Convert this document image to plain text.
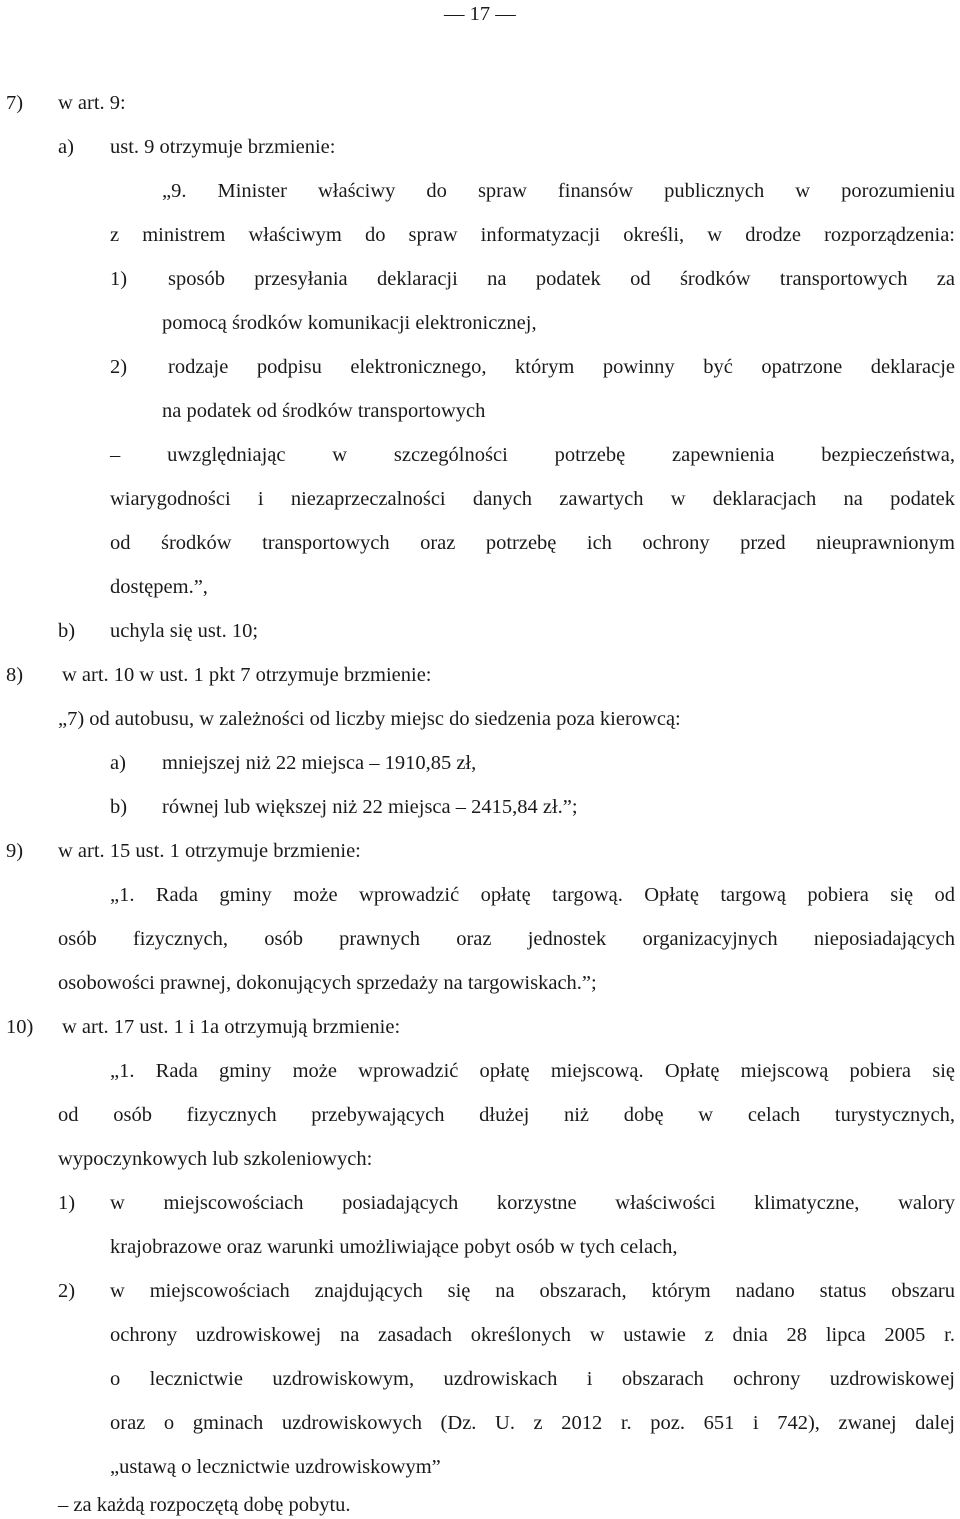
— 17 —
7) w art. 9:
a) ust. 9 otrzymuje brzmienie:
„9. Minister właściwy do spraw finansów publicznych w porozumieniu
z ministrem właściwym do spraw informatyzacji określi, w drodze rozporządzenia:
1) sposób przesyłania deklaracji na podatek od środków transportowych za
pomocą środków komunikacji elektronicznej,
2) rodzaje podpisu elektronicznego, którym powinny być opatrzone deklaracje
na podatek od środków transportowych
– uwzględniając w szczególności potrzebę zapewnienia bezpieczeństwa,
wiarygodności i niezaprzeczalności danych zawartych w deklaracjach na podatek
od środków transportowych oraz potrzebę ich ochrony przed nieuprawnionym
dostępem.”,
b) uchyla się ust. 10;
8) w art. 10 w ust. 1 pkt 7 otrzymuje brzmienie:
„7) od autobusu, w zależności od liczby miejsc do siedzenia poza kierowcą:
a) mniejszej niż 22 miejsca – 1910,85 zł,
b) równej lub większej niż 22 miejsca – 2415,84 zł.”;
9) w art. 15 ust. 1 otrzymuje brzmienie:
„1. Rada gminy może wprowadzić opłatę targową. Opłatę targową pobiera się od
osób fizycznych, osób prawnych oraz jednostek organizacyjnych nieposiadających
osobowości prawnej, dokonujących sprzedaży na targowiskach.”;
10) w art. 17 ust. 1 i 1a otrzymują brzmienie:
„1. Rada gminy może wprowadzić opłatę miejscową. Opłatę miejscową pobiera się
od osób fizycznych przebywających dłużej niż dobę w celach turystycznych,
wypoczynkowych lub szkoleniowych:
1) w miejscowościach posiadających korzystne właściwości klimatyczne, walory
krajobrazowe oraz warunki umożliwiające pobyt osób w tych celach,
2) w miejscowościach znajdujących się na obszarach, którym nadano status obszaru
ochrony uzdrowiskowej na zasadach określonych w ustawie z dnia 28 lipca 2005 r.
o lecznictwie uzdrowiskowym, uzdrowiskach i obszarach ochrony uzdrowiskowej
oraz o gminach uzdrowiskowych (Dz. U. z 2012 r. poz. 651 i 742), zwanej dalej
„ustawą o lecznictwie uzdrowiskowym”
– za każdą rozpoczętą dobę pobytu.
